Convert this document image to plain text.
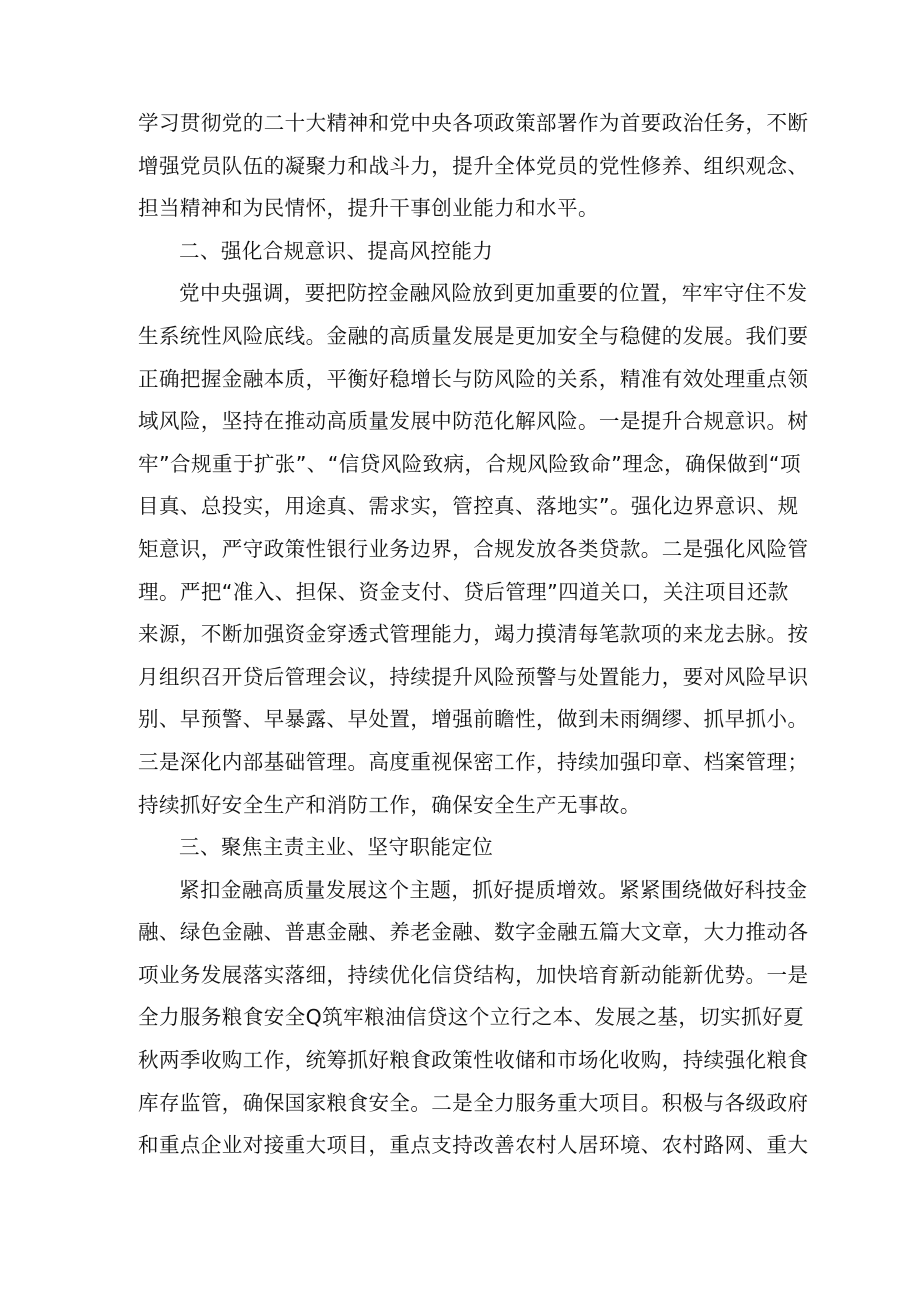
学习贯彻党的二十大精神和党中央各项政策部署作为首要政治任务，不断
增强党员队伍的凝聚力和战斗力，提升全体党员的党性修养、组织观念、
担当精神和为民情怀，提升干事创业能力和水平。
二、强化合规意识、提高风控能力
党中央强调，要把防控金融风险放到更加重要的位置，牢牢守住不发
生系统性风险底线。金融的高质量发展是更加安全与稳健的发展。我们要
正确把握金融本质，平衡好稳增长与防风险的关系，精准有效处理重点领
域风险，坚持在推动高质量发展中防范化解风险。一是提升合规意识。树
牢”合规重于扩张”、“信贷风险致病，合规风险致命”理念，确保做到“项
目真、总投实，用途真、需求实，管控真、落地实”。强化边界意识、规
矩意识，严守政策性银行业务边界，合规发放各类贷款。二是强化风险管
理。严把“准入、担保、资金支付、贷后管理”四道关口，关注项目还款
来源，不断加强资金穿透式管理能力，竭力摸清每笔款项的来龙去脉。按
月组织召开贷后管理会议，持续提升风险预警与处置能力，要对风险早识
别、早预警、早暴露、早处置，增强前瞻性，做到未雨绸缪、抓早抓小。
三是深化内部基础管理。高度重视保密工作，持续加强印章、档案管理；
持续抓好安全生产和消防工作，确保安全生产无事故。
三、聚焦主责主业、坚守职能定位
紧扣金融高质量发展这个主题，抓好提质增效。紧紧围绕做好科技金
融、绿色金融、普惠金融、养老金融、数字金融五篇大文章，大力推动各
项业务发展落实落细，持续优化信贷结构，加快培育新动能新优势。一是
全力服务粮食安全Q筑牢粮油信贷这个立行之本、发展之基，切实抓好夏
秋两季收购工作，统筹抓好粮食政策性收储和市场化收购，持续强化粮食
库存监管，确保国家粮食安全。二是全力服务重大项目。积极与各级政府
和重点企业对接重大项目，重点支持改善农村人居环境、农村路网、重大
